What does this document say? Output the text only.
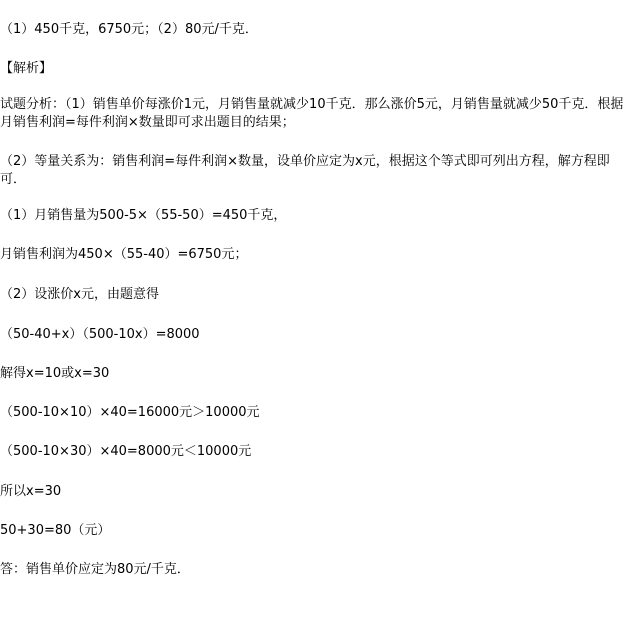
（1）450千克，6750元；（2）80元/千克．
【解析】
试题分析：（1）销售单价每涨价1元，月销售量就减少10千克．那么涨价5元，月销售量就减少50千克．根据月销售利润=每件利润×数量即可求出题目的结果；
（2）等量关系为：销售利润=每件利润×数量，设单价应定为x元，根据这个等式即可列出方程，解方程即可．
（1）月销售量为500-5×（55-50）=450千克，
月销售利润为450×（55-40）=6750元；
（2）设涨价x元，由题意得
（50-40+x）（500-10x）=8000
解得x=10或x=30
（500-10×10）×40=16000元＞10000元
（500-10×30）×40=8000元＜10000元
所以x=30
50+30=80（元）
答：销售单价应定为80元/千克．
